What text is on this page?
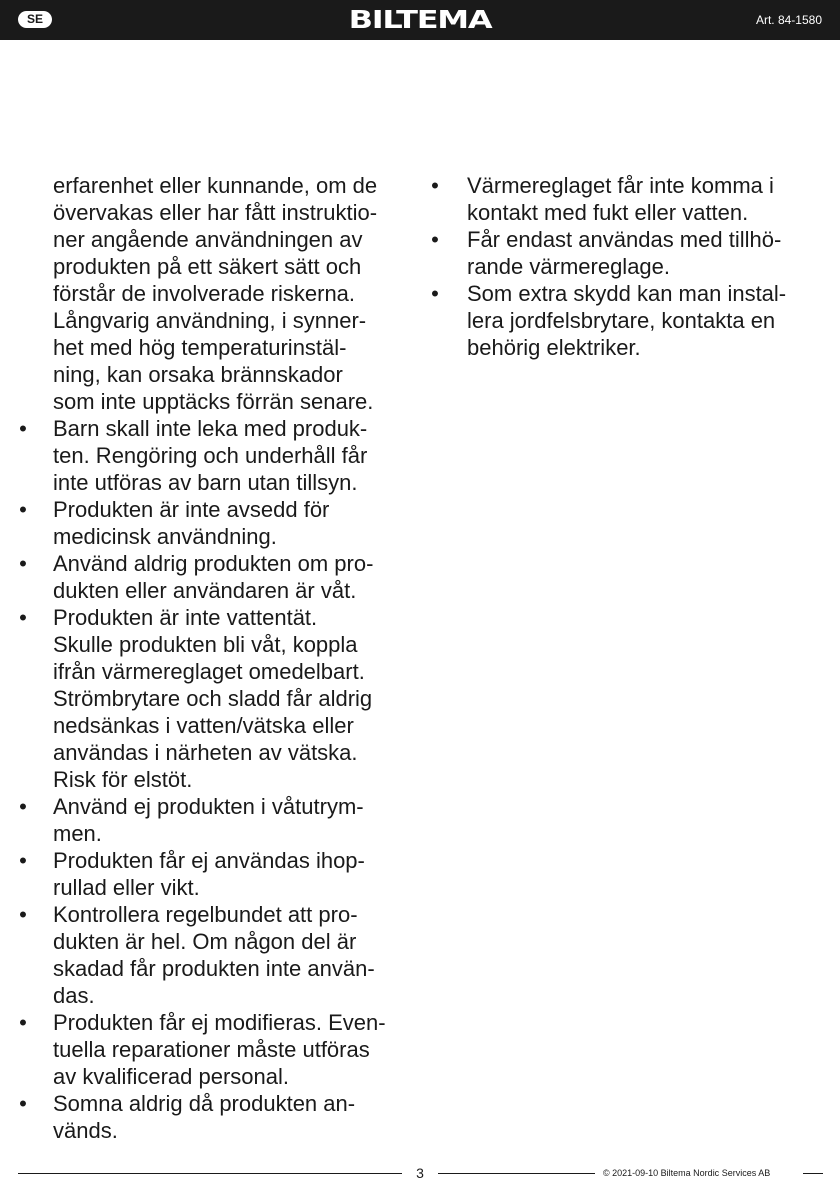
SE	BILTEMA	Art. 84-1580
erfarenhet eller kunnande, om de
övervakas eller har fått instruktio-
ner angående användningen av
produkten på ett säkert sätt och
förstår de involverade riskerna.
Långvarig användning, i synner-
het med hög temperaturinstäl-
ning, kan orsaka brännskador
som inte upptäcks förrän senare.
• Barn skall inte leka med produk-
ten. Rengöring och underhåll får
inte utföras av barn utan tillsyn.
• Produkten är inte avsedd för
medicinsk användning.
• Använd aldrig produkten om pro-
dukten eller användaren är våt.
• Produkten är inte vattentät.
Skulle produkten bli våt, koppla
ifrån värmereglaget omedelbart.
Strömbrytare och sladd får aldrig
nedsänkas i vatten/vätska eller
användas i närheten av vätska.
Risk för elstöt.
• Använd ej produkten i våtutrym-
men.
• Produkten får ej användas ihop-
rullad eller vikt.
• Kontrollera regelbundet att pro-
dukten är hel. Om någon del är
skadad får produkten inte använ-
das.
• Produkten får ej modifieras. Even-
tuella reparationer måste utföras
av kvalificerad personal.
• Somna aldrig då produkten an-
vänds.
• Värmereglaget får inte komma i
kontakt med fukt eller vatten.
• Får endast användas med tillhö-
rande värmereglage.
• Som extra skydd kan man instal-
lera jordfelsbrytare, kontakta en
behörig elektriker.
3	© 2021-09-10 Biltema Nordic Services AB
